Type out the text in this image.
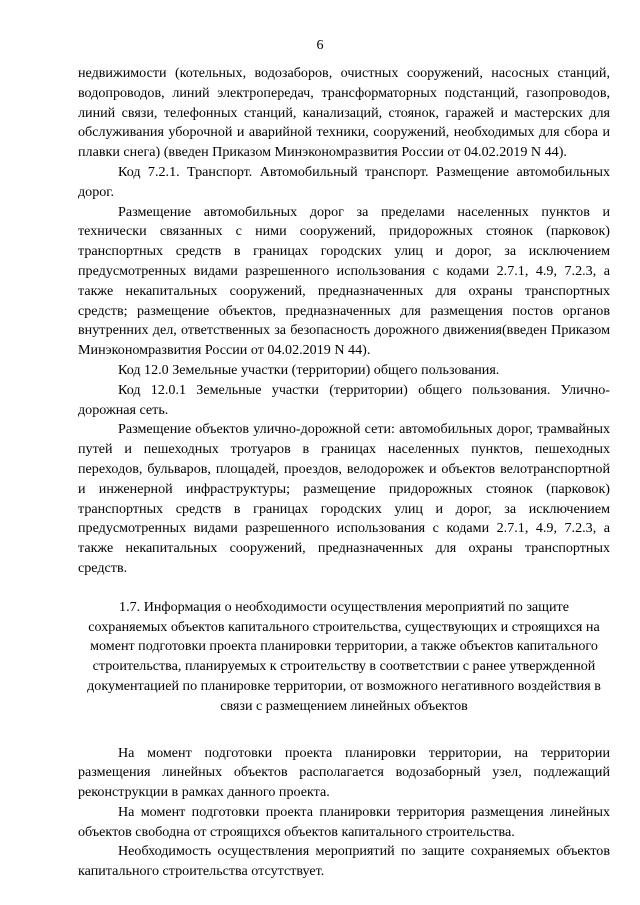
6

недвижимости (котельных, водозаборов, очистных сооружений, насосных станций, водопроводов, линий электропередач, трансформаторных подстанций, газопроводов, линий связи, телефонных станций, канализаций, стоянок, гаражей и мастерских для обслуживания уборочной и аварийной техники, сооружений, необходимых для сбора и плавки снега) (введен Приказом Минэкономразвития России от 04.02.2019 N 44).

Код 7.2.1. Транспорт. Автомобильный транспорт. Размещение автомобильных дорог.

Размещение автомобильных дорог за пределами населенных пунктов и технически связанных с ними сооружений, придорожных стоянок (парковок) транспортных средств в границах городских улиц и дорог, за исключением предусмотренных видами разрешенного использования с кодами 2.7.1, 4.9, 7.2.3, а также некапитальных сооружений, предназначенных для охраны транспортных средств; размещение объектов, предназначенных для размещения постов органов внутренних дел, ответственных за безопасность дорожного движения(введен Приказом Минэкономразвития России от 04.02.2019 N 44).

Код 12.0 Земельные участки (территории) общего пользования.

Код 12.0.1 Земельные участки (территории) общего пользования. Улично-дорожная сеть.

Размещение объектов улично-дорожной сети: автомобильных дорог, трамвайных путей и пешеходных тротуаров в границах населенных пунктов, пешеходных переходов, бульваров, площадей, проездов, велодорожек и объектов велотранспортной и инженерной инфраструктуры; размещение придорожных стоянок (парковок) транспортных средств в границах городских улиц и дорог, за исключением предусмотренных видами разрешенного использования с кодами 2.7.1, 4.9, 7.2.3, а также некапитальных сооружений, предназначенных для охраны транспортных средств.

1.7. Информация о необходимости осуществления мероприятий по защите сохраняемых объектов капитального строительства, существующих и строящихся на момент подготовки проекта планировки территории, а также объектов капитального строительства, планируемых к строительству в соответствии с ранее утвержденной документацией по планировке территории, от возможного негативного воздействия в связи с размещением линейных объектов

На момент подготовки проекта планировки территории, на территории размещения линейных объектов располагается водозаборный узел, подлежащий реконструкции в рамках данного проекта.

На момент подготовки проекта планировки территория размещения линейных объектов свободна от строящихся объектов капитального строительства.

Необходимость осуществления мероприятий по защите сохраняемых объектов капитального строительства отсутствует.
